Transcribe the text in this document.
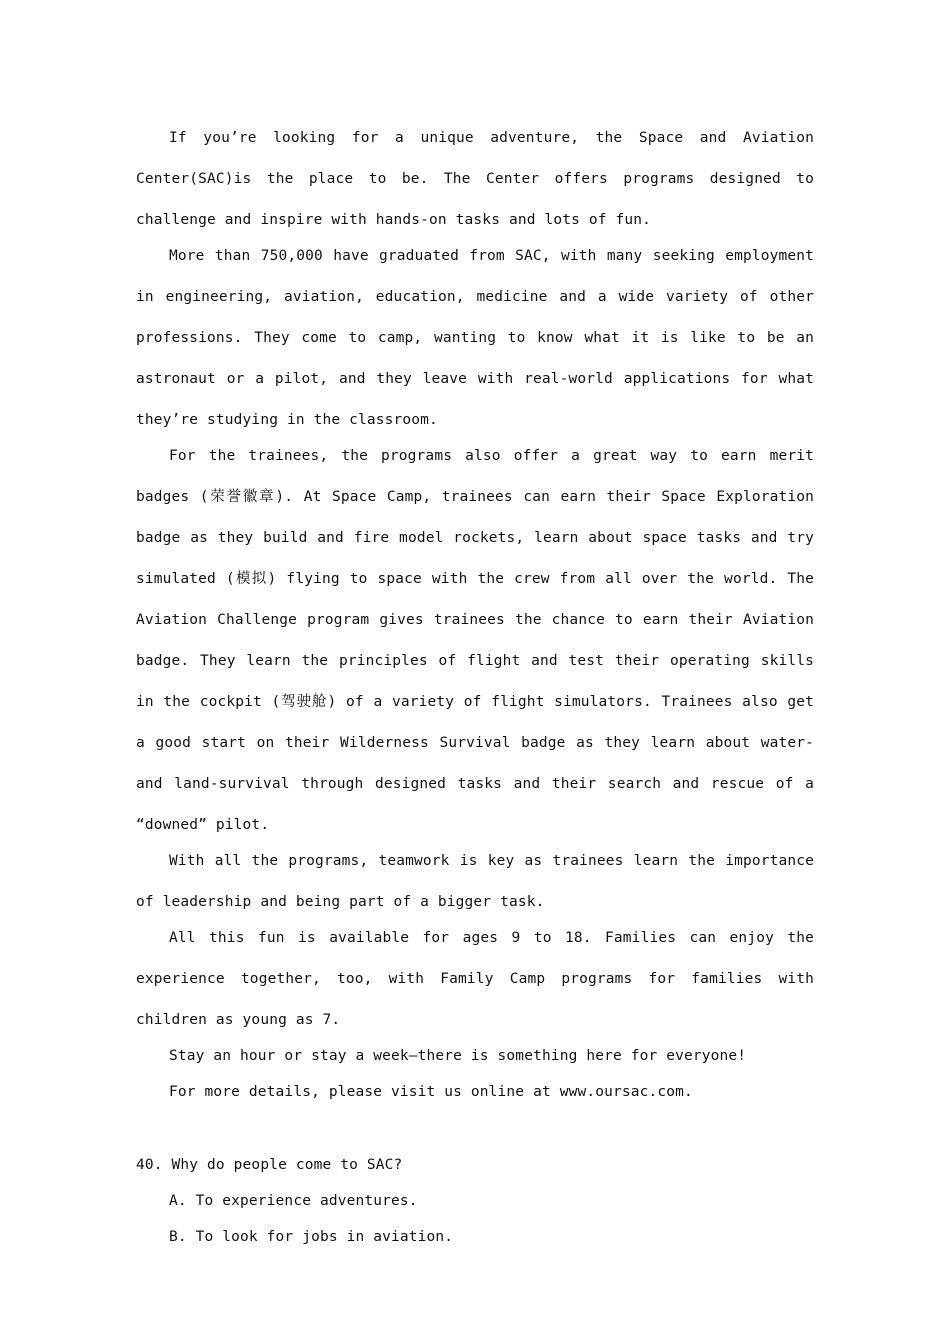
If you’re looking for a unique adventure, the Space and Aviation Center(SAC)is the place to be. The Center offers programs designed to challenge and inspire with hands-on tasks and lots of fun.

More than 750,000 have graduated from SAC, with many seeking employment in engineering, aviation, education, medicine and a wide variety of other professions. They come to camp, wanting to know what it is like to be an astronaut or a pilot, and they leave with real-world applications for what they’re studying in the classroom.

For the trainees, the programs also offer a great way to earn merit badges (荣誉徽章). At Space Camp, trainees can earn their Space Exploration badge as they build and fire model rockets, learn about space tasks and try simulated (模拟) flying to space with the crew from all over the world. The Aviation Challenge program gives trainees the chance to earn their Aviation badge. They learn the principles of flight and test their operating skills in the cockpit (驾驶舱) of a variety of flight simulators. Trainees also get a good start on their Wilderness Survival badge as they learn about water-and land-survival through designed tasks and their search and rescue of a “downed” pilot.

With all the programs, teamwork is key as trainees learn the importance of leadership and being part of a bigger task.

All this fun is available for ages 9 to 18. Families can enjoy the experience together, too, with Family Camp programs for families with children as young as 7.

Stay an hour or stay a week—there is something here for everyone!

For more details, please visit us online at www.oursac.com.

40. Why do people come to SAC?

A. To experience adventures.

B. To look for jobs in aviation.
